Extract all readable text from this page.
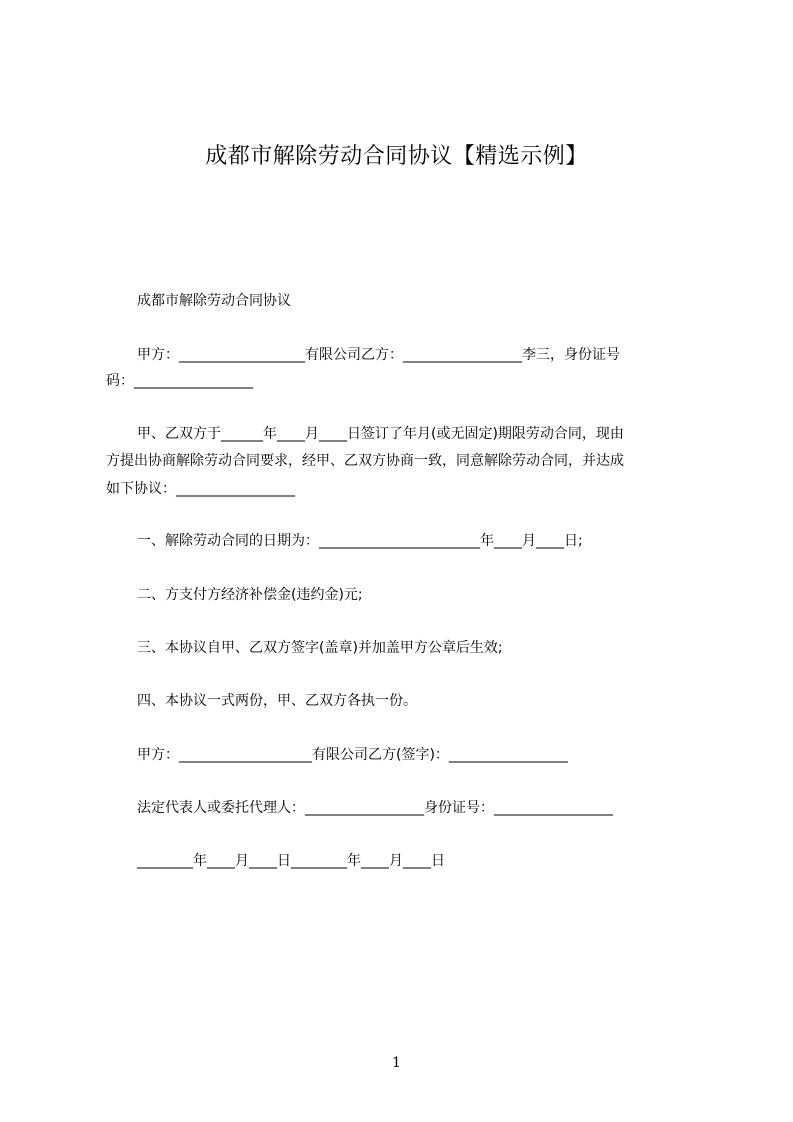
成都市解除劳动合同协议【精选示例】
成都市解除劳动合同协议
甲方：__________________有限公司乙方：_________________李三，身份证号
码：_________________
甲、乙双方于______年____月____日签订了年月(或无固定)期限劳动合同，现由
方提出协商解除劳动合同要求，经甲、乙双方协商一致，同意解除劳动合同，并达成
如下协议：_________________
一、解除劳动合同的日期为：_______________________年____月____日;
二、方支付方经济补偿金(违约金)元;
三、本协议自甲、乙双方签字(盖章)并加盖甲方公章后生效;
四、本协议一式两份，甲、乙双方各执一份。
甲方：___________________有限公司乙方(签字)：_________________
法定代表人或委托代理人：_________________身份证号：_________________
________年____月____日________年____月____日
1
